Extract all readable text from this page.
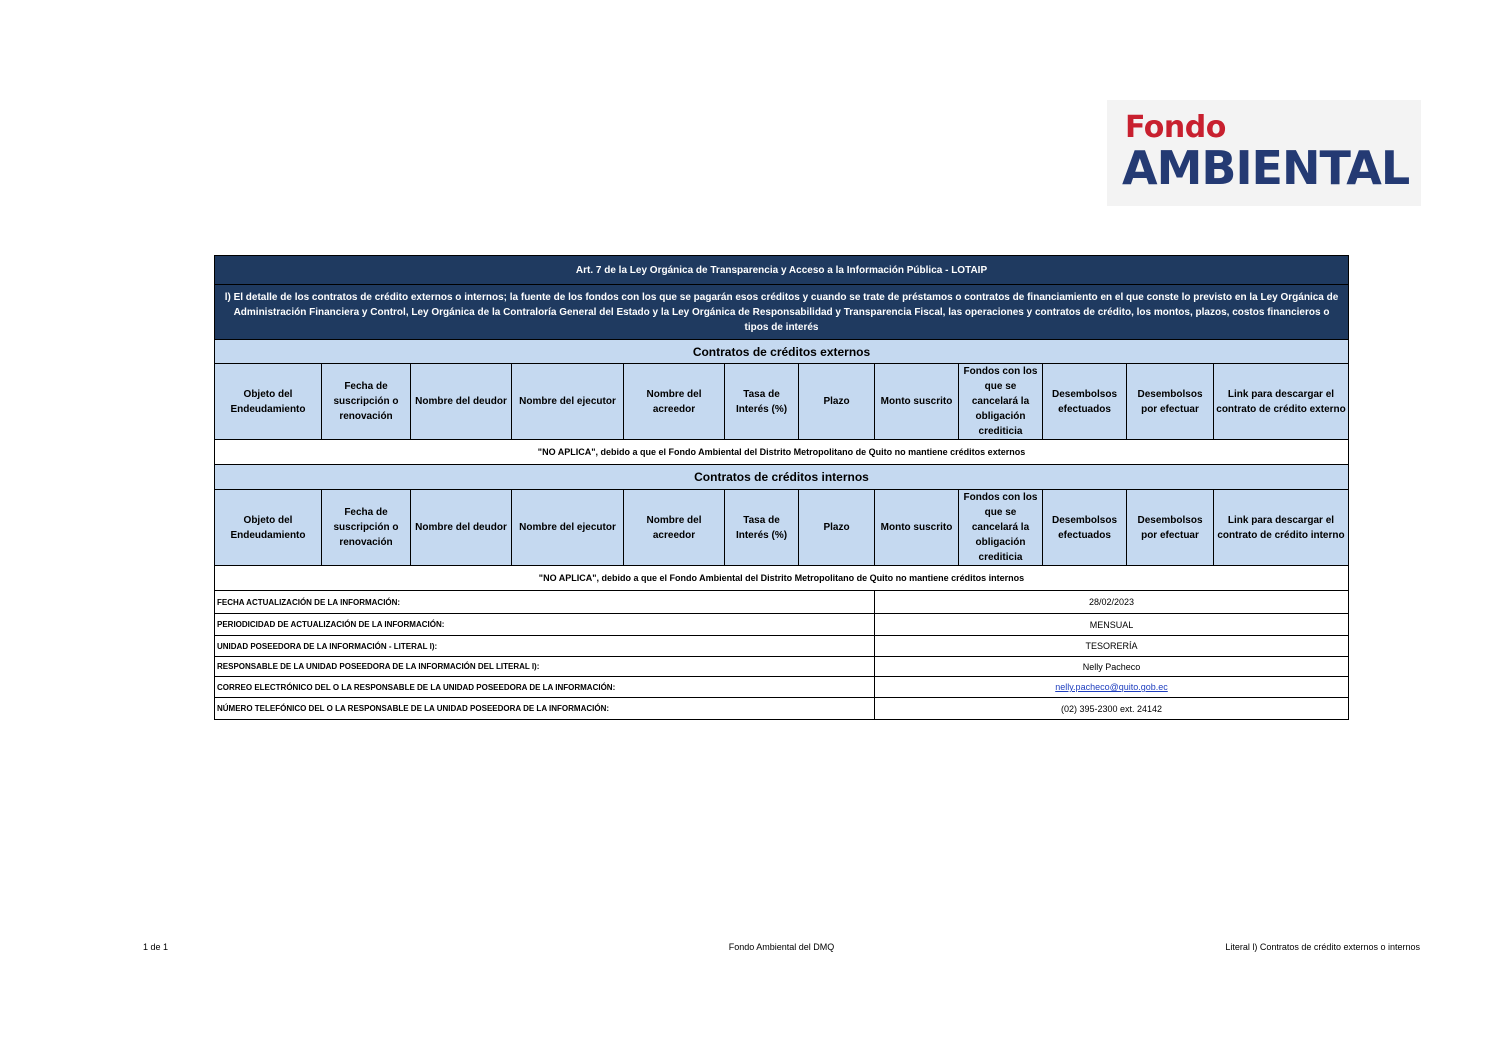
Fondo
AMBIENTAL
Art. 7 de la Ley Orgánica de Transparencia y Acceso a la Información Pública - LOTAIP											
l) El detalle de los contratos de crédito externos o internos; la fuente de los fondos con los que se pagarán esos créditos y cuando se trate de préstamos o contratos de financiamiento en el que conste lo previsto en la Ley Orgánica de Administración Financiera y Control, Ley Orgánica de la Contraloría General del Estado y la Ley Orgánica de Responsabilidad y Transparencia Fiscal, las operaciones y contratos de crédito, los montos, plazos, costos financieros o tipos de interés											
Contratos de créditos externos											
Objeto del Endeudamiento	Fecha de suscripción o renovación	Nombre del deudor	Nombre del ejecutor	Nombre del acreedor	Tasa de Interés (%)	Plazo	Monto suscrito	Fondos con los que se cancelará la obligación crediticia	Desembolsos efectuados	Desembolsos por efectuar	Link para descargar el contrato de crédito externo
"NO APLICA", debido a que el Fondo Ambiental del Distrito Metropolitano de Quito no mantiene créditos externos											
Contratos de créditos internos											
Objeto del Endeudamiento	Fecha de suscripción o renovación	Nombre del deudor	Nombre del ejecutor	Nombre del acreedor	Tasa de Interés (%)	Plazo	Monto suscrito	Fondos con los que se cancelará la obligación crediticia	Desembolsos efectuados	Desembolsos por efectuar	Link para descargar el contrato de crédito interno
"NO APLICA", debido a que el Fondo Ambiental del Distrito Metropolitano de Quito no mantiene créditos internos											
FECHA ACTUALIZACIÓN DE LA INFORMACIÓN:							28/02/2023				
PERIODICIDAD DE ACTUALIZACIÓN DE LA INFORMACIÓN:							MENSUAL				
UNIDAD POSEEDORA DE LA INFORMACIÓN - LITERAL l):							TESORERÍA				
RESPONSABLE DE LA UNIDAD POSEEDORA DE LA INFORMACIÓN DEL LITERAL l):							Nelly Pacheco				
CORREO ELECTRÓNICO DEL O LA RESPONSABLE DE LA UNIDAD POSEEDORA DE LA INFORMACIÓN:							nelly.pacheco@quito.gob.ec				
NÚMERO TELEFÓNICO DEL O LA RESPONSABLE DE LA UNIDAD POSEEDORA DE LA INFORMACIÓN:							(02) 395-2300 ext. 24142				
1 de 1	Fondo Ambiental del DMQ	Literal l) Contratos de crédito externos o internos
